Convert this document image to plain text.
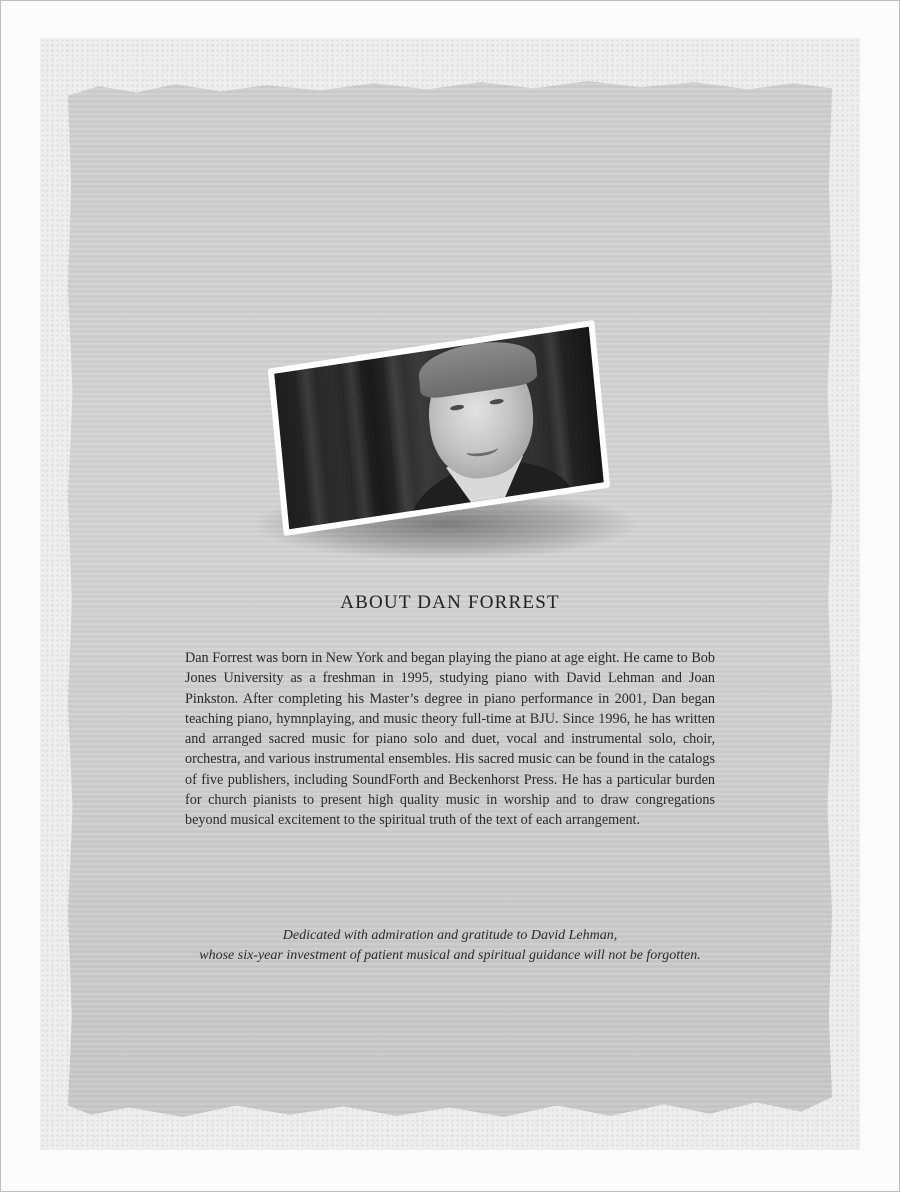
ABOUT DAN FORREST

Dan Forrest was born in New York and began playing the piano at age eight. He came to Bob Jones University as a freshman in 1995, studying piano with David Lehman and Joan Pinkston. After completing his Master’s degree in piano performance in 2001, Dan began teaching piano, hymnplaying, and music theory full-time at BJU. Since 1996, he has written and arranged sacred music for piano solo and duet, vocal and instrumental solo, choir, orchestra, and various instrumental ensembles. His sacred music can be found in the catalogs of five publishers, including SoundForth and Beckenhorst Press. He has a particular burden for church pianists to present high quality music in worship and to draw congregations beyond musical excitement to the spiritual truth of the text of each arrangement.

Dedicated with admiration and gratitude to David Lehman,
whose six-year investment of patient musical and spiritual guidance will not be forgotten.
